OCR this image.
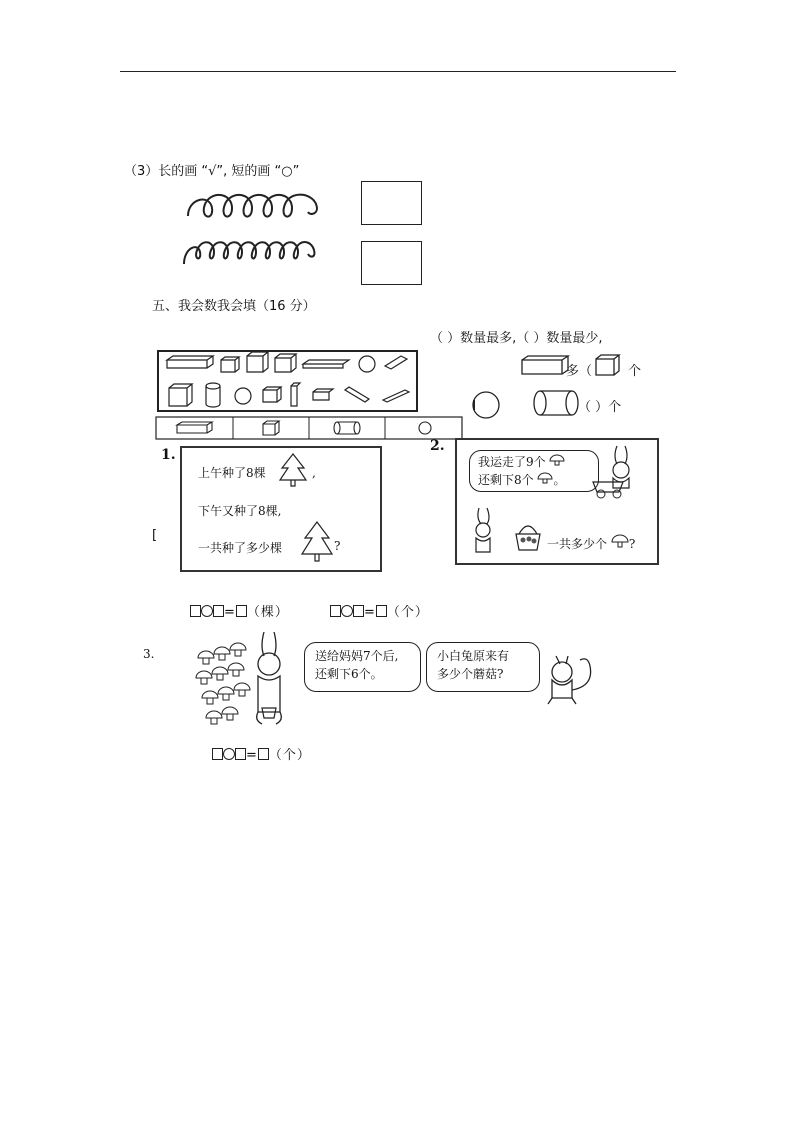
（3）长的画 “√”, 短的画 “○”
五、我会数我会填（16 分）
（ ）数量最多,（ ）数量最少,
多（	个
（ ）个
1.
[
上午种了8棵	,
下午又种了8棵,
一共种了多少棵	?
2.
我运走了9个
还剩下8个 。
一共多少个 ?
= （棵）	= （个）
3.	送给妈妈7个后,
还剩下6个。
小白兔原来有
多少个蘑菇?
= （个）
